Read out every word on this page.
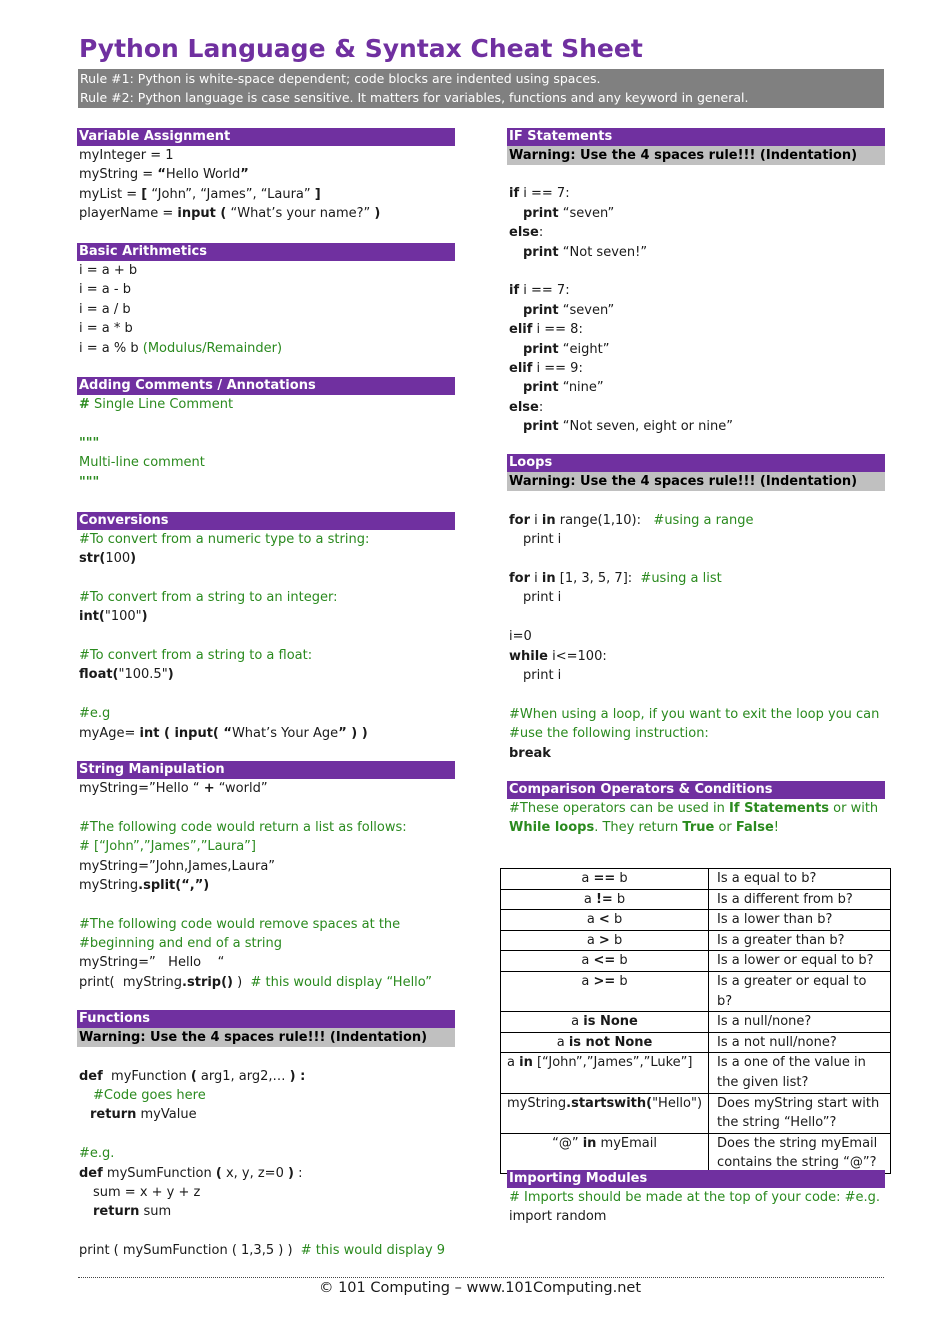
Python Language & Syntax Cheat Sheet
Rule #1: Python is white-space dependent; code blocks are indented using spaces.
Rule #2: Python language is case sensitive. It matters for variables, functions and any keyword in general.
Variable Assignment
myInteger = 1
myString = “Hello World”
myList = [ “John”, “James”, “Laura” ]
playerName = input ( “What’s your name?” )
Basic Arithmetics
i = a + b
i = a - b
i = a / b
i = a * b
i = a % b (Modulus/Remainder)
Adding Comments / Annotations
# Single Line Comment
"""
Multi-line comment
"""
Conversions
#To convert from a numeric type to a string:
str(100)
#To convert from a string to an integer:
int("100")
#To convert from a string to a float:
float("100.5")
#e.g
myAge= int ( input( “What’s Your Age” ) )
String Manipulation
myString=”Hello “ + “world”
#The following code would return a list as follows:
# [“John”,”James”,”Laura”]
myString=”John,James,Laura”
myString.split(“,”)
#The following code would remove spaces at the
#beginning and end of a string
myString=”   Hello    “
print(  myString.strip() )  # this would display “Hello”
Functions
Warning: Use the 4 spaces rule!!! (Indentation)
def  myFunction ( arg1, arg2,… ) :
#Code goes here
return myValue
#e.g.
def mySumFunction ( x, y, z=0 ) :
sum = x + y + z
return sum
print ( mySumFunction ( 1,3,5 ) )  # this would display 9
IF Statements
Warning: Use the 4 spaces rule!!! (Indentation)
if i == 7:
print “seven”
else:
print “Not seven!”
if i == 7:
print “seven”
elif i == 8:
print “eight”
elif i == 9:
print “nine”
else:
print “Not seven, eight or nine”
Loops
Warning: Use the 4 spaces rule!!! (Indentation)
for i in range(1,10):   #using a range
print i
for i in [1, 3, 5, 7]:  #using a list
print i
i=0
while i<=100:
print i
#When using a loop, if you want to exit the loop you can
#use the following instruction:
break
Comparison Operators & Conditions
#These operators can be used in If Statements or with
While loops. They return True or False!
a == b	Is a equal to b?
a != b	Is a different from b?
a < b	Is a lower than b?
a > b	Is a greater than b?
a <= b	Is a lower or equal to b?
a >= b	Is a greater or equal to b?
a is None	Is a null/none?
a is not None	Is a not null/none?
a in [“John”,”James”,”Luke”]	Is a one of the value in
the given list?

myString.startswith("Hello")	Does myString start with
the string “Hello”?

“@” in myEmail	Does the string myEmail
contains the string “@”?
Importing Modules
# Imports should be made at the top of your code: #e.g.
import random
© 101 Computing – www.101Computing.net
